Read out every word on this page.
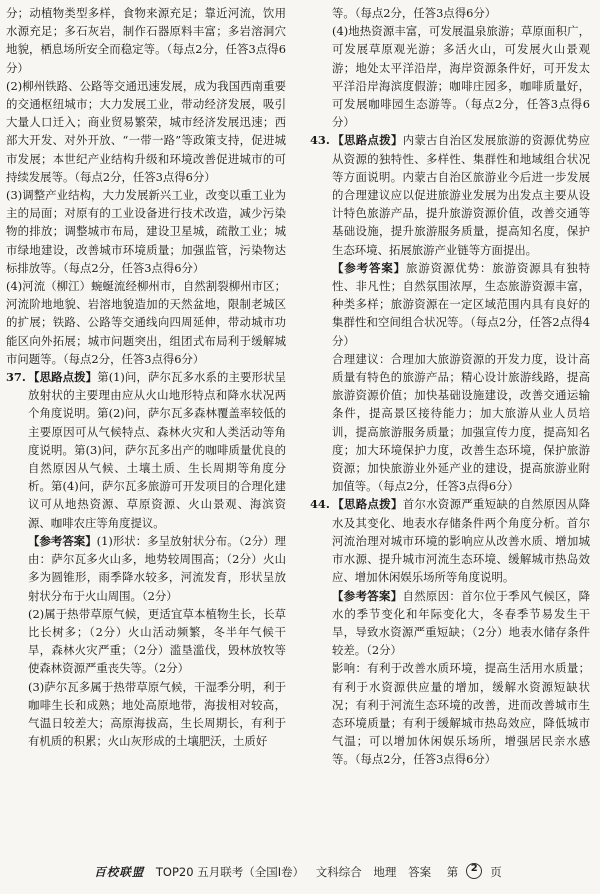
分；动植物类型多样，食物来源充足；靠近河流，饮用水源充足；多石灰岩，制作石器原料丰富；多岩溶洞穴地貌，栖息场所安全而稳定等。（每点2分，任答3点得6分）

(2)柳州铁路、公路等交通迅速发展，成为我国西南重要的交通枢纽城市；大力发展工业，带动经济发展，吸引大量人口迁入；商业贸易繁荣，城市经济发展迅速；西部大开发、对外开放、“一带一路”等政策支持，促进城市发展；本世纪产业结构升级和环境改善促进城市的可持续发展等。（每点2分，任答3点得6分）

(3)调整产业结构，大力发展新兴工业，改变以重工业为主的局面；对原有的工业设备进行技术改造，减少污染物的排放；调整城市布局，建设卫星城，疏散工业；城市绿地建设，改善城市环境质量；加强监管，污染物达标排放等。（每点2分，任答3点得6分）

(4)河流（柳江）蜿蜒流经柳州市，自然割裂柳州市区；河流阶地地貌、岩溶地貌造加的天然盆地，限制老城区的扩展；铁路、公路等交通线向四周延伸，带动城市功能区向外拓展；城市问题突出，组团式布局利于缓解城市问题等。（每点2分，任答3点得6分）

37. 【思路点拨】第(1)问，萨尔瓦多水系的主要形状呈放射状的主要理由应从火山地形特点和降水状况两个角度说明。第(2)问，萨尔瓦多森林覆盖率较低的主要原因可从气候特点、森林火灾和人类活动等角度说明。第(3)问，萨尔瓦多出产的咖啡质量优良的自然原因从气候、土壤土质、生长周期等角度分析。第(4)问，萨尔瓦多旅游可开发项目的合理化建议可从地热资源、草原资源、火山景观、海滨资源、咖啡农庄等角度提议。

【参考答案】(1)形状：多呈放射状分布。（2分）理由：萨尔瓦多火山多，地势较周围高；（2分）火山多为圆锥形，雨季降水较多，河流发育，形状呈放射状分布于火山周围。（2分）

(2)属于热带草原气候，更适宜草本植物生长，长草比长树多；（2分）火山活动频繁，冬半年气候干旱，森林火灾严重；（2分）滥垦滥伐，毁林放牧等使森林资源严重丧失等。（2分）

(3)萨尔瓦多属于热带草原气候，干湿季分明，利于咖啡生长和成熟；地处高原地带，海拔相对较高，气温日较差大；高原海拔高，生长周期长，有利于有机质的积累；火山灰形成的土壤肥沃，土质好

等。（每点2分，任答3点得6分）

(4)地热资源丰富，可发展温泉旅游；草原面积广，可发展草原观光游；多活火山，可发展火山景观游；地处太平洋沿岸，海岸资源条件好，可开发太平洋沿岸海滨度假游；咖啡庄园多，咖啡质量好，可发展咖啡园生态游等。（每点2分，任答3点得6分）

43. 【思路点拨】内蒙古自治区发展旅游的资源优势应从资源的独特性、多样性、集群性和地域组合状况等方面说明。内蒙古自治区旅游业今后进一步发展的合理建议应以促进旅游业发展为出发点主要从设计特色旅游产品，提升旅游资源价值，改善交通等基础设施，提升旅游服务质量，提高知名度，保护生态环境、拓展旅游产业链等方面提出。

【参考答案】旅游资源优势：旅游资源具有独特性、非凡性；自然氛围浓厚，生态旅游资源丰富，种类多样；旅游资源在一定区域范围内具有良好的集群性和空间组合状况等。（每点2分，任答2点得4分）

合理建议：合理加大旅游资源的开发力度，设计高质量有特色的旅游产品；精心设计旅游线路，提高旅游资源价值；加快基础设施建设，改善交通运输条件，提高景区接待能力；加大旅游从业人员培训，提高旅游服务质量；加强宣传力度，提高知名度；加大环境保护力度，改善生态环境，保护旅游资源；加快旅游业外延产业的建设，提高旅游业附加值等。（每点2分，任答3点得6分）

44. 【思路点拨】首尔水资源严重短缺的自然原因从降水及其变化、地表水存储条件两个角度分析。首尔河流治理对城市环境的影响应从改善水质、增加城市水源、提升城市河流生态环境、缓解城市热岛效应、增加休闲娱乐场所等角度说明。

【参考答案】自然原因：首尔位于季风气候区，降水的季节变化和年际变化大，冬春季节易发生干旱，导致水资源严重短缺；（2分）地表水储存条件较差。（2分）

影响：有利于改善水质环境，提高生活用水质量；有利于水资源供应量的增加，缓解水资源短缺状况；有利于河流生态环境的改善，进而改善城市生态环境质量；有利于缓解城市热岛效应，降低城市气温；可以增加休闲娱乐场所，增强居民亲水感等。（每点2分，任答3点得6分）

百校联盟 TOP20 五月联考（全国Ⅰ卷） 文科综合 地理 答案 第	2	页
